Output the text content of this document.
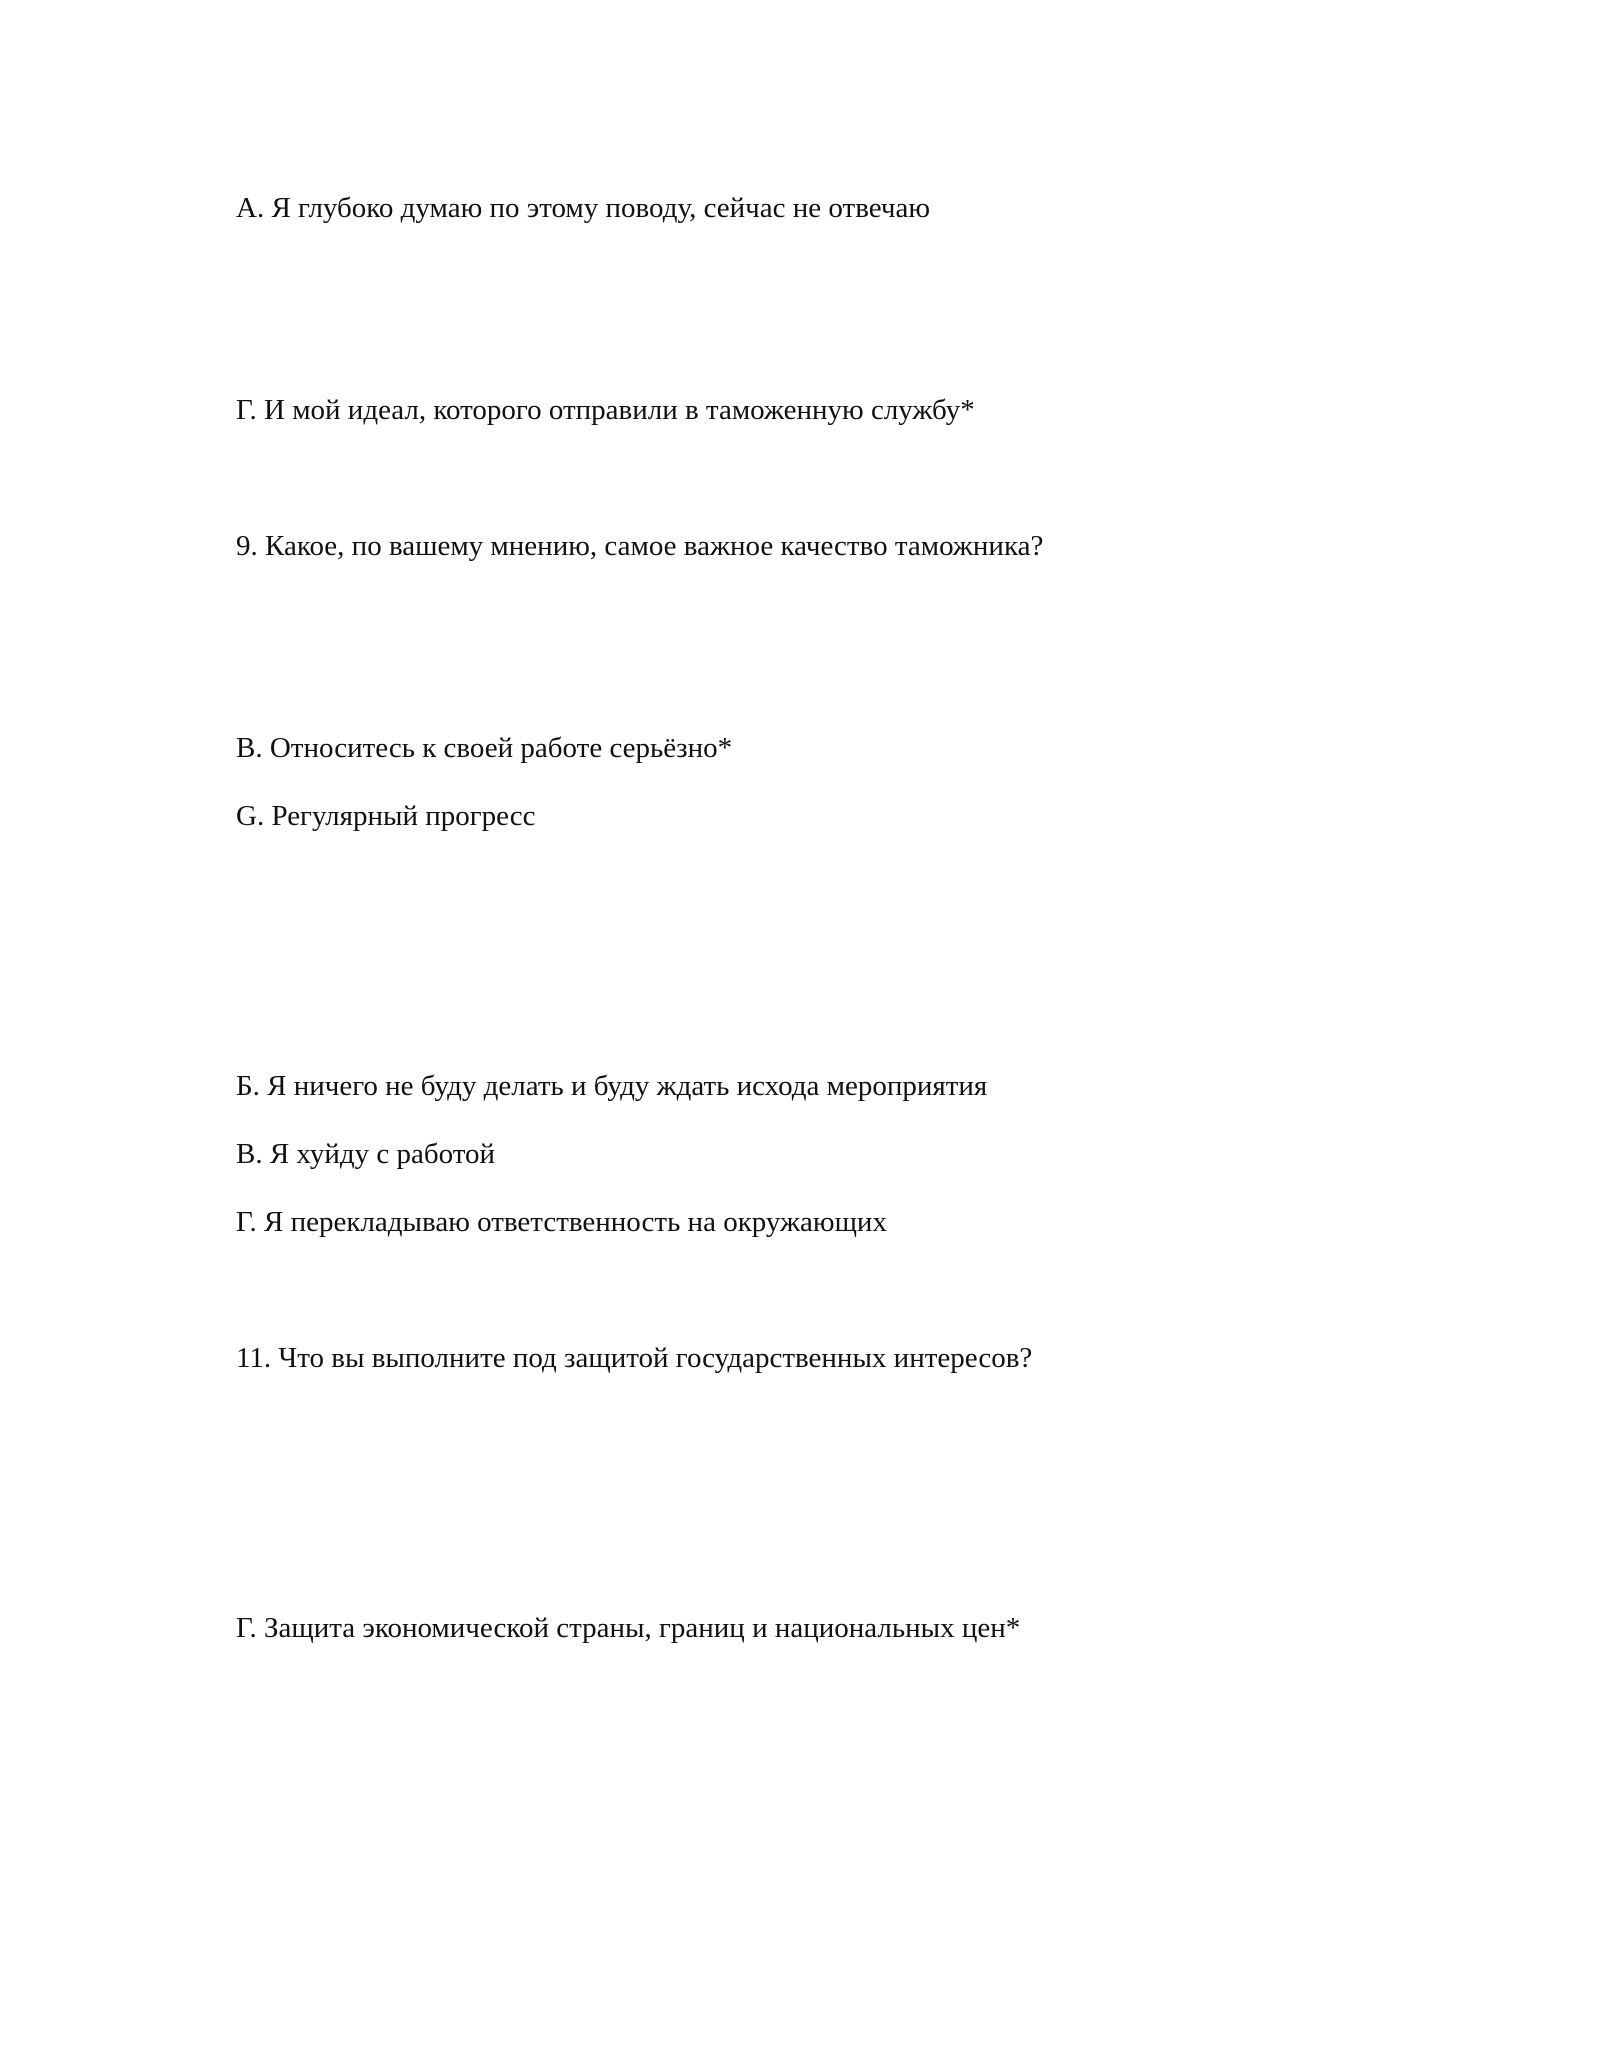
А. Я глубоко думаю по этому поводу, сейчас не отвечаю
Г. И мой идеал, которого отправили в таможенную службу*
9. Какое, по вашему мнению, самое важное качество таможника?
В. Относитесь к своей работе серьёзно*
G. Регулярный прогресс
Б. Я ничего не буду делать и буду ждать исхода мероприятия
В. Я хуйду с работой
Г. Я перекладываю ответственность на окружающих
11. Что вы выполните под защитой государственных интересов?
Г. Защита экономической страны, границ и национальных цен*
